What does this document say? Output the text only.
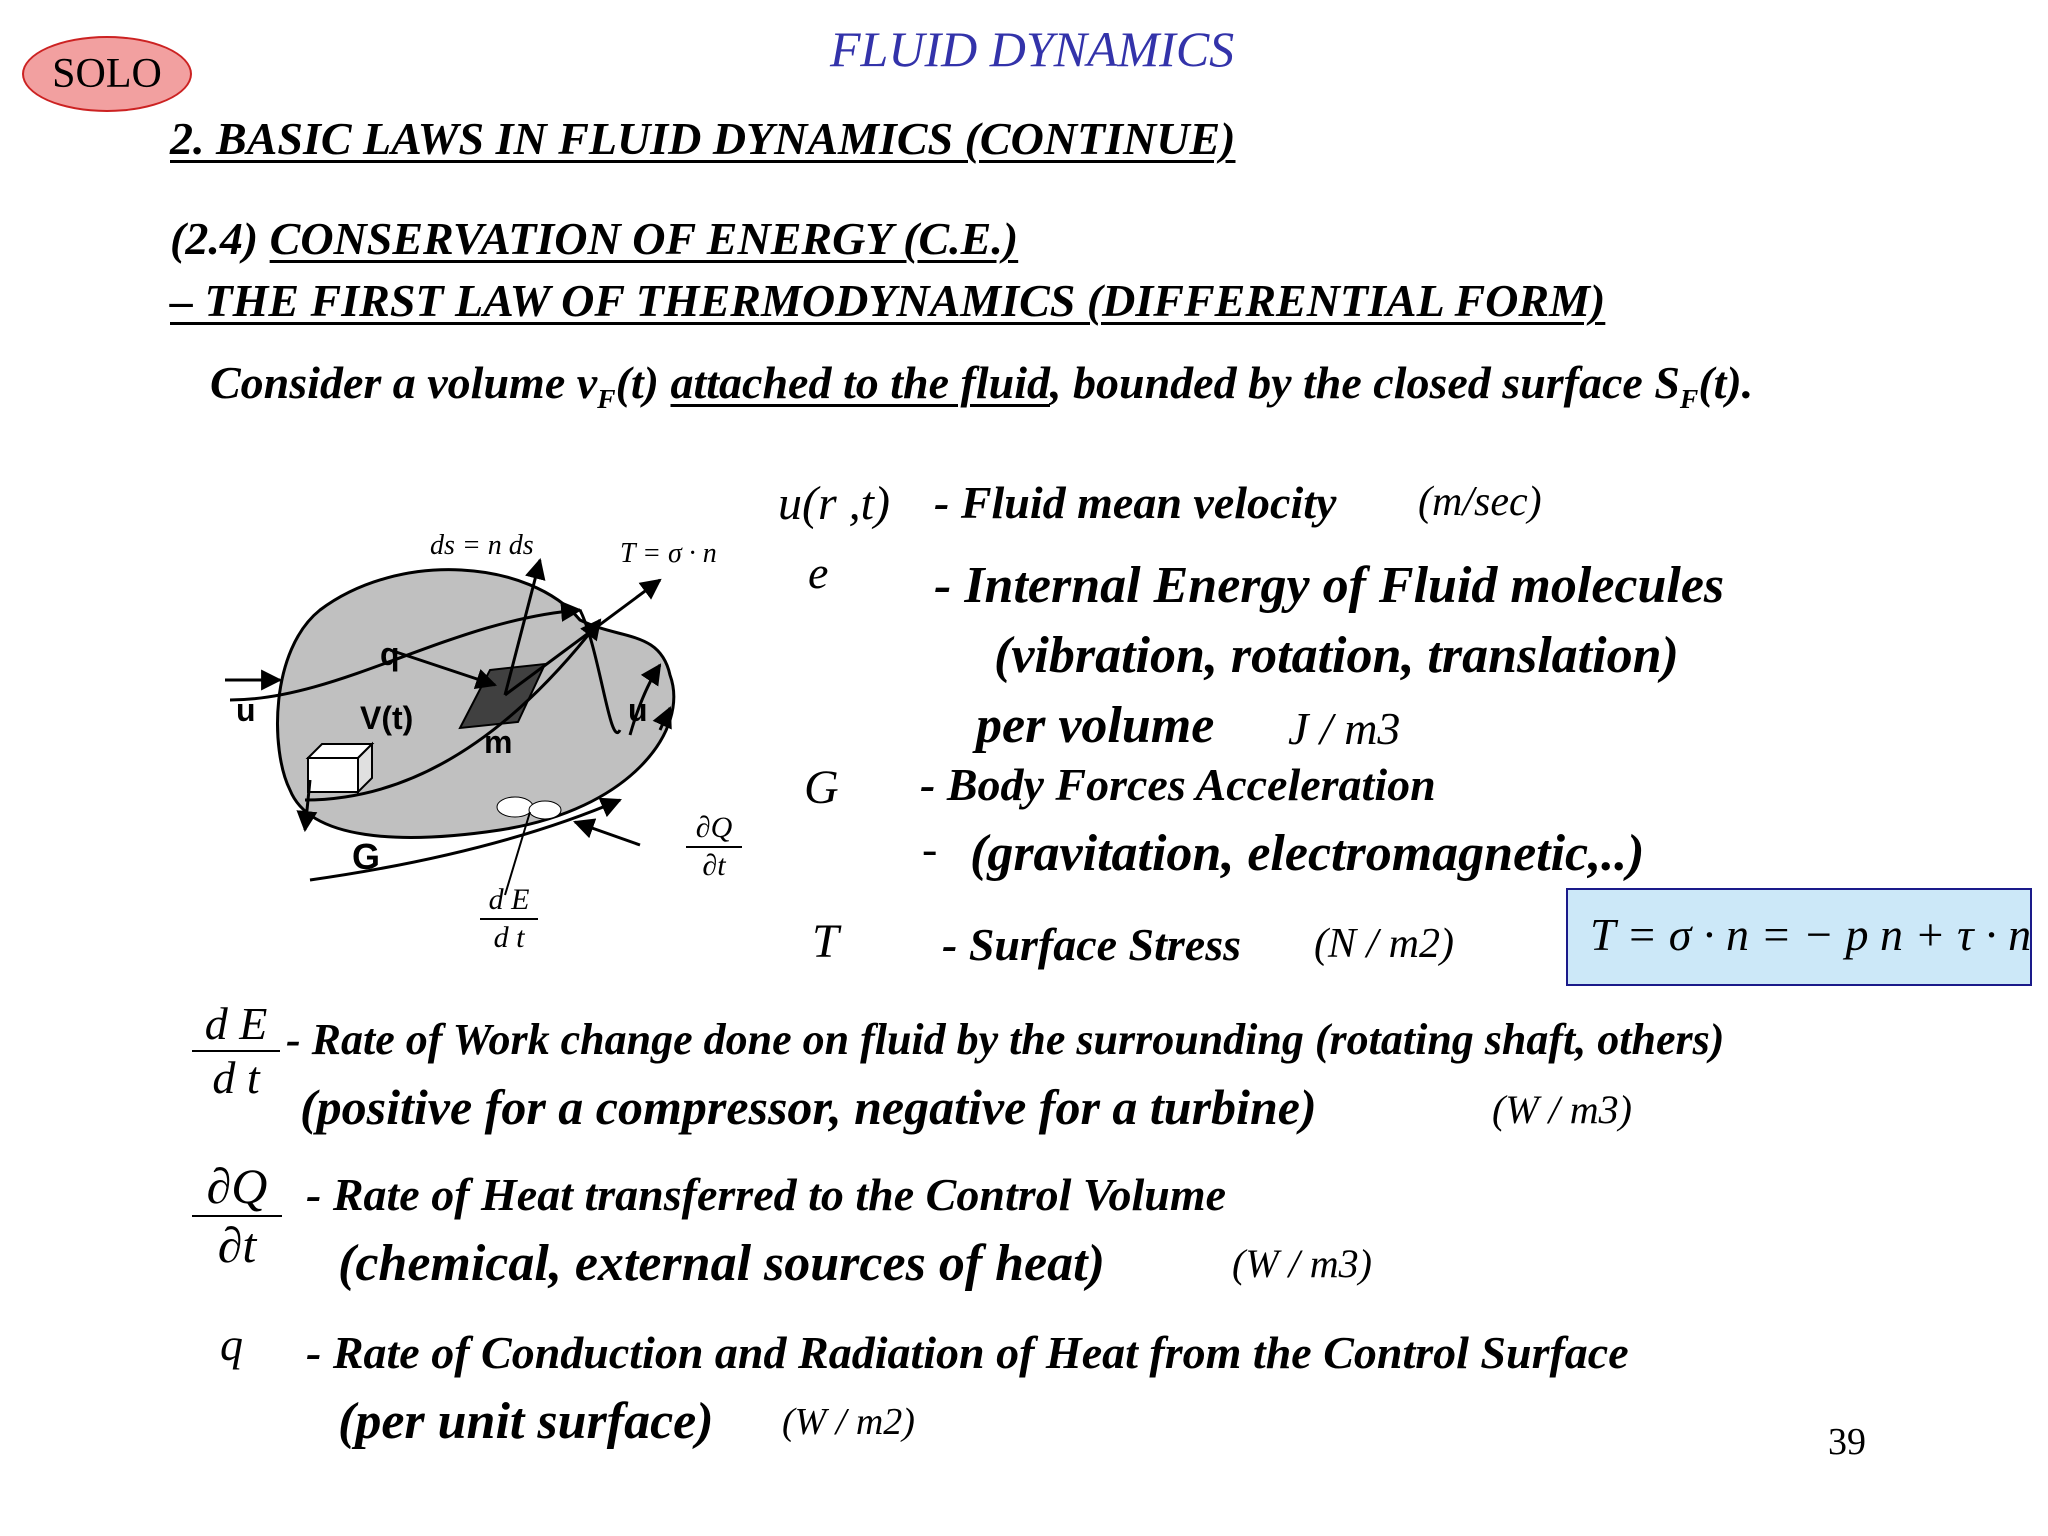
SOLO	FLUID DYNAMICS
2. BASIC LAWS IN FLUID DYNAMICS (CONTINUE)
(2.4) CONSERVATION OF ENERGY (C.E.)
– THE FIRST LAW OF THERMODYNAMICS (DIFFERENTIAL FORM)
Consider a volume $v_F(t)$ attached to the fluid, bounded by the closed surface $S_F(t)$.
ds = n ds	T = σ · n
q
V(t)
m
u	u
G
∂Q
∂t
d E
d t
u(r ,t) - Fluid mean velocity (m/sec)
e - Internal Energy of Fluid molecules
(vibration, rotation, translation)
per volume J / m3
G - Body Forces Acceleration
- (gravitation, electromagnetic,..)
T - Surface Stress (N / m2)	T = σ · n = − p n + τ · n
d E
d t
- Rate of Work change done on fluid by the surrounding (rotating shaft, others)
(positive for a compressor, negative for a turbine)	(W / m3)
∂Q
∂t
- Rate of Heat transferred to the Control Volume
(chemical, external sources of heat)	(W / m3)
q - Rate of Conduction and Radiation of Heat from the Control Surface
(per unit surface) (W / m2)	39
